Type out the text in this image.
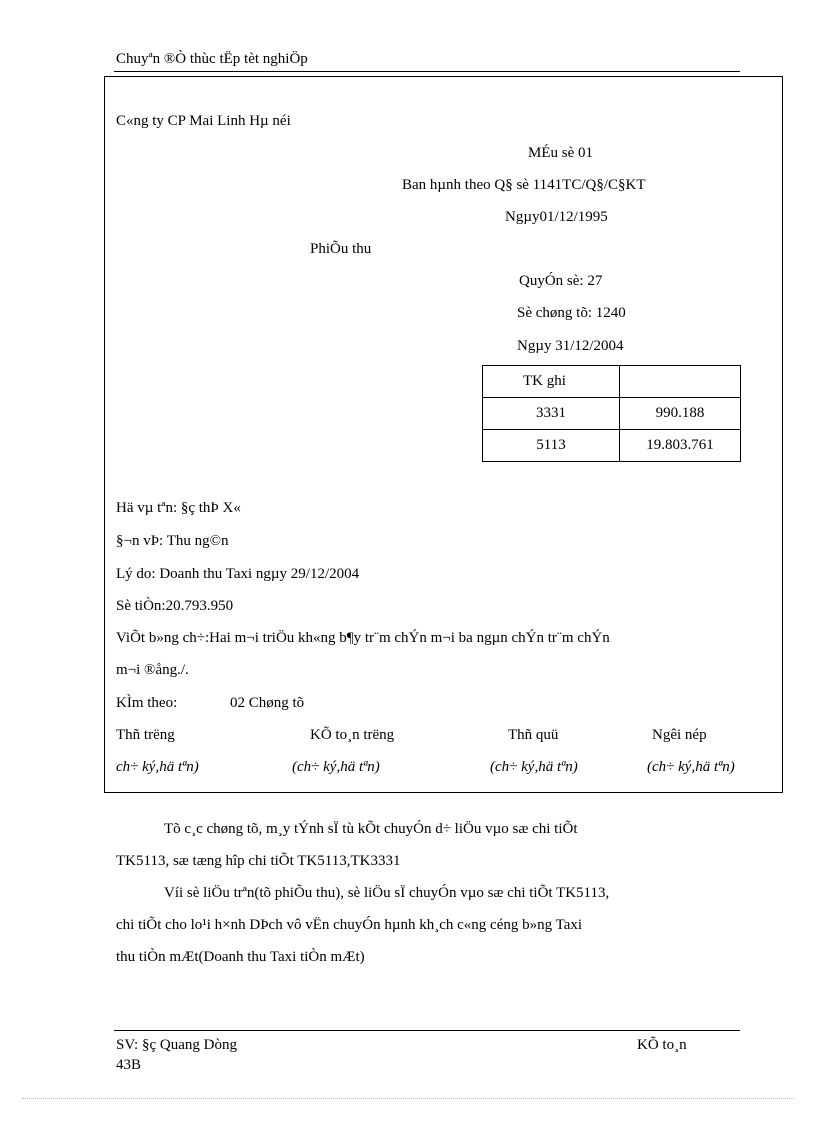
Chuyªn ®Ò thùc tËp tèt nghiÖp
C«ng ty CP Mai Linh Hµ néi
MÉu sè 01
Ban hµnh theo Q§ sè 1141TC/Q§/C§KT
Ngµy01/12/1995
PhiÕu thu
QuyÓn sè: 27
Sè chøng tõ: 1240
Ngµy 31/12/2004
TK ghi	
3331	990.188
5113	19.803.761
Hä vµ tªn: §ç thÞ X«
§¬n vÞ: Thu ng©n
Lý do: Doanh thu Taxi ngµy 29/12/2004
Sè tiÒn:20.793.950
ViÕt b»ng ch÷:Hai m¬i triÖu kh«ng b¶y tr¨m chÝn m¬i ba ngµn chÝn tr¨m chÝn
m¬i ®ång./.
KÌm theo:	02 Chøng tõ
Thñ trëng	KÕ to¸n trëng	Thñ quü	Ngêi nép
ch÷ ký,hä tªn)	(ch÷ ký,hä tªn)	(ch÷ ký,hä tªn)	(ch÷ ký,hä tªn)
Tõ c¸c chøng tõ, m¸y tÝnh sÏ tù kÕt chuyÓn d÷ liÖu vµo sæ chi tiÕt
TK5113, sæ tæng hîp chi tiÕt TK5113,TK3331
Víi sè liÖu trªn(tõ phiÕu thu), sè liÖu sÏ chuyÓn vµo sæ chi tiÕt TK5113,
chi tiÕt cho lo¹i h×nh DÞch vô vËn chuyÓn hµnh kh¸ch c«ng céng b»ng Taxi
thu tiÒn mÆt(Doanh thu Taxi tiÒn mÆt)
SV: §ç Quang Dòng
43B
KÕ to¸n
